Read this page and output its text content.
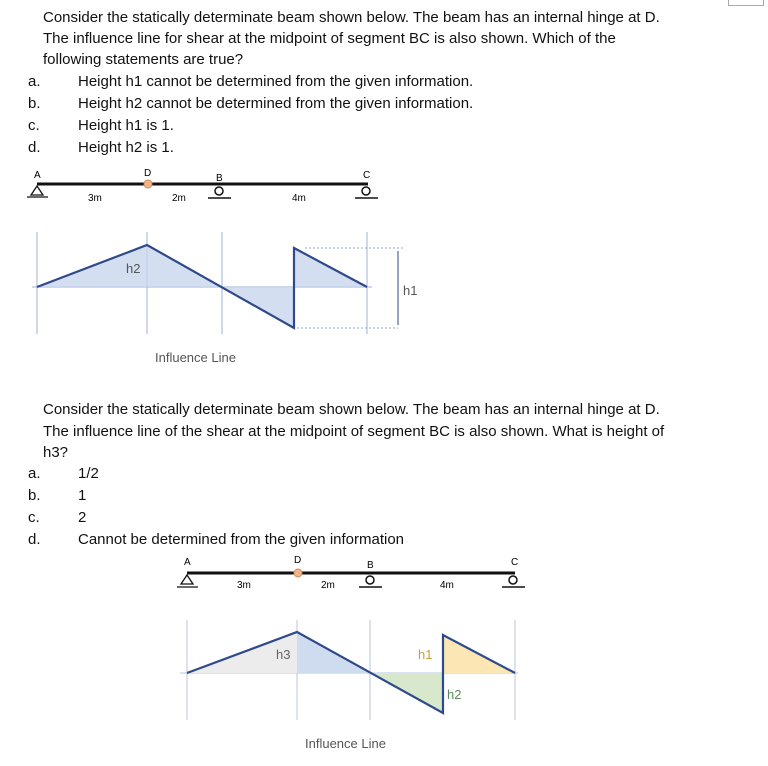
Consider the statically determinate beam shown below. The beam has an internal hinge at D.
The influence line for shear at the midpoint of segment BC is also shown. Which of the
following statements are true?
a. Height h1 cannot be determined from the given information.
b. Height h2 cannot be determined from the given information.
c.	Height h1 is 1.
d. Height h2 is 1.
Consider the statically determinate beam shown below. The beam has an internal hinge at D.
The influence line of the shear at the midpoint of segment BC is also shown. What is height of
h3?
a. 1/2
b. 1
c.	2
d. Cannot be determined from the given information
A	D	B	C
3m	2m	4m
h2
h1
Influence Line
A	D	B	C
3m	2m	4m
h3	h1
h2
Influence Line
